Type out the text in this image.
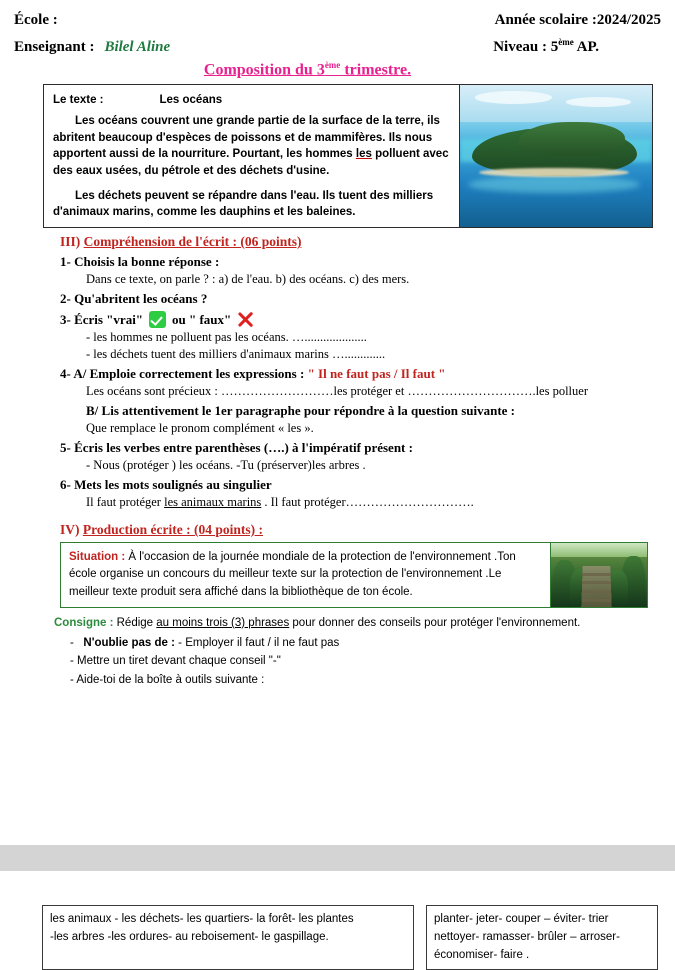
École :	Année scolaire :2024/2025
Enseignant : Bilel Aline	Niveau : 5ème AP.
Composition du 3ème trimestre.
Le texte :	Les océans

Les océans couvrent une grande partie de la surface de la terre, ils abritent beaucoup d'espèces de poissons et de mammifères. Ils nous apportent aussi de la nourriture. Pourtant, les hommes les polluent avec des eaux usées, du pétrole et des déchets d'usine.

Les déchets peuvent se répandre dans l'eau. Ils tuent des milliers d'animaux marins, comme les dauphins et les baleines.

III) Compréhension de l'écrit : (06 points)
1- Choisis la bonne réponse :
Dans ce texte, on parle ? : a) de l'eau. b) des océans. c) des mers.
2- Qu'abritent les océans ?
3- Écris "vrai" ou " faux"
- les hommes ne polluent pas les océans. …....................
- les déchets tuent des milliers d'animaux marins ….............
4- A/ Emploie correctement les expressions : " Il ne faut pas / Il faut "
Les océans sont précieux : ………………………les protéger et ………………………….les polluer
B/ Lis attentivement le 1er paragraphe pour répondre à la question suivante :
Que remplace le pronom complément « les ».
5- Écris les verbes entre parenthèses (….) à l'impératif présent :
- Nous (protéger ) les océans. -Tu (préserver)les arbres .
6- Mets les mots soulignés au singulier
Il faut protéger les animaux marins . Il faut protéger………………………….
IV) Production écrite : (04 points) :
Situation : À l'occasion de la journée mondiale de la protection de l'environnement .Ton école organise un concours du meilleur texte sur la protection de l'environnement .Le meilleur texte produit sera affiché dans la bibliothèque de ton école.
Consigne : Rédige au moins trois (3) phrases pour donner des conseils pour protéger l'environnement.
-   N'oublie pas de : - Employer il faut / il ne faut pas
- Mettre un tiret devant chaque conseil "-"
- Aide-toi de la boîte à outils suivante :
les animaux - les déchets- les quartiers- la forêt- les plantes
-les arbres -les ordures- au reboisement- le gaspillage.
planter- jeter- couper – éviter- trier
nettoyer- ramasser- brûler – arroser-
économiser- faire .
